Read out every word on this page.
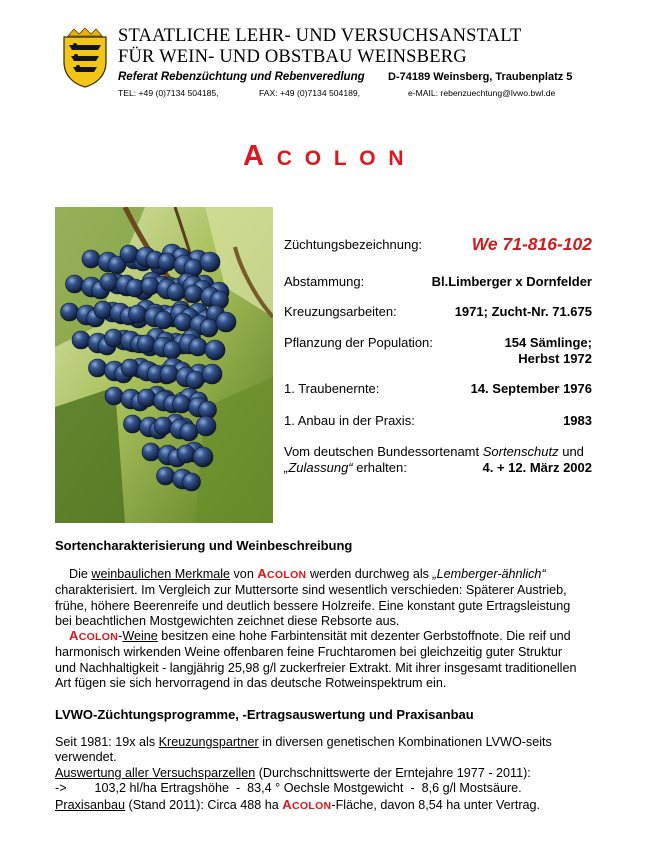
STAATLICHE LEHR- UND VERSUCHSANSTALT
FÜR WEIN- UND OBSTBAU WEINSBERG
Referat Rebenzüchtung und Rebenveredlung D-74189 Weinsberg, Traubenplatz 5
TEL: +49 (0)7134 504185,	FAX: +49 (0)7134 504189,	e-MAIL: rebenzuechtung@lvwo.bwl.de
A C O L O N
Züchtungsbezeichnung:	We 71-816-102
Abstammung:	Bl.Limberger x Dornfelder
Kreuzungsarbeiten:	1971; Zucht-Nr. 71.675
Pflanzung der Population:	154 Sämlinge;
Herbst 1972
1. Traubenernte:	14. September 1976
1. Anbau in der Praxis:	1983
Vom deutschen Bundessortenamt Sortenschutz und
„Zulassung“ erhalten:	4. + 12. März 2002
Sortencharakterisierung und Weinbeschreibung
Die weinbaulichen Merkmale von ACOLON werden durchweg als „Lemberger-ähnlich“
charakterisiert. Im Vergleich zur Muttersorte sind wesentlich verschieden: Späterer Austrieb,
frühe, höhere Beerenreife und deutlich bessere Holzreife. Eine konstant gute Ertragsleistung
bei beachtlichen Mostgewichten zeichnet diese Rebsorte aus.
ACOLON-Weine besitzen eine hohe Farbintensität mit dezenter Gerbstoffnote. Die reif und
harmonisch wirkenden Weine offenbaren feine Fruchtaromen bei gleichzeitig guter Struktur
und Nachhaltigkeit - langjährig 25,98 g/l zuckerfreier Extrakt. Mit ihrer insgesamt traditionellen
Art fügen sie sich hervorragend in das deutsche Rotweinspektrum ein.
LVWO-Züchtungsprogramme, -Ertragsauswertung und Praxisanbau
Seit 1981: 19x als Kreuzungspartner in diversen genetischen Kombinationen LVWO-seits
verwendet.
Auswertung aller Versuchsparzellen (Durchschnittswerte der Erntejahre 1977 - 2011):
->        103,2 hl/ha Ertragshöhe  -  83,4 ° Oechsle Mostgewicht  -  8,6 g/l Mostsäure.
Praxisanbau (Stand 2011): Circa 488 ha ACOLON-Fläche, davon 8,54 ha unter Vertrag.
